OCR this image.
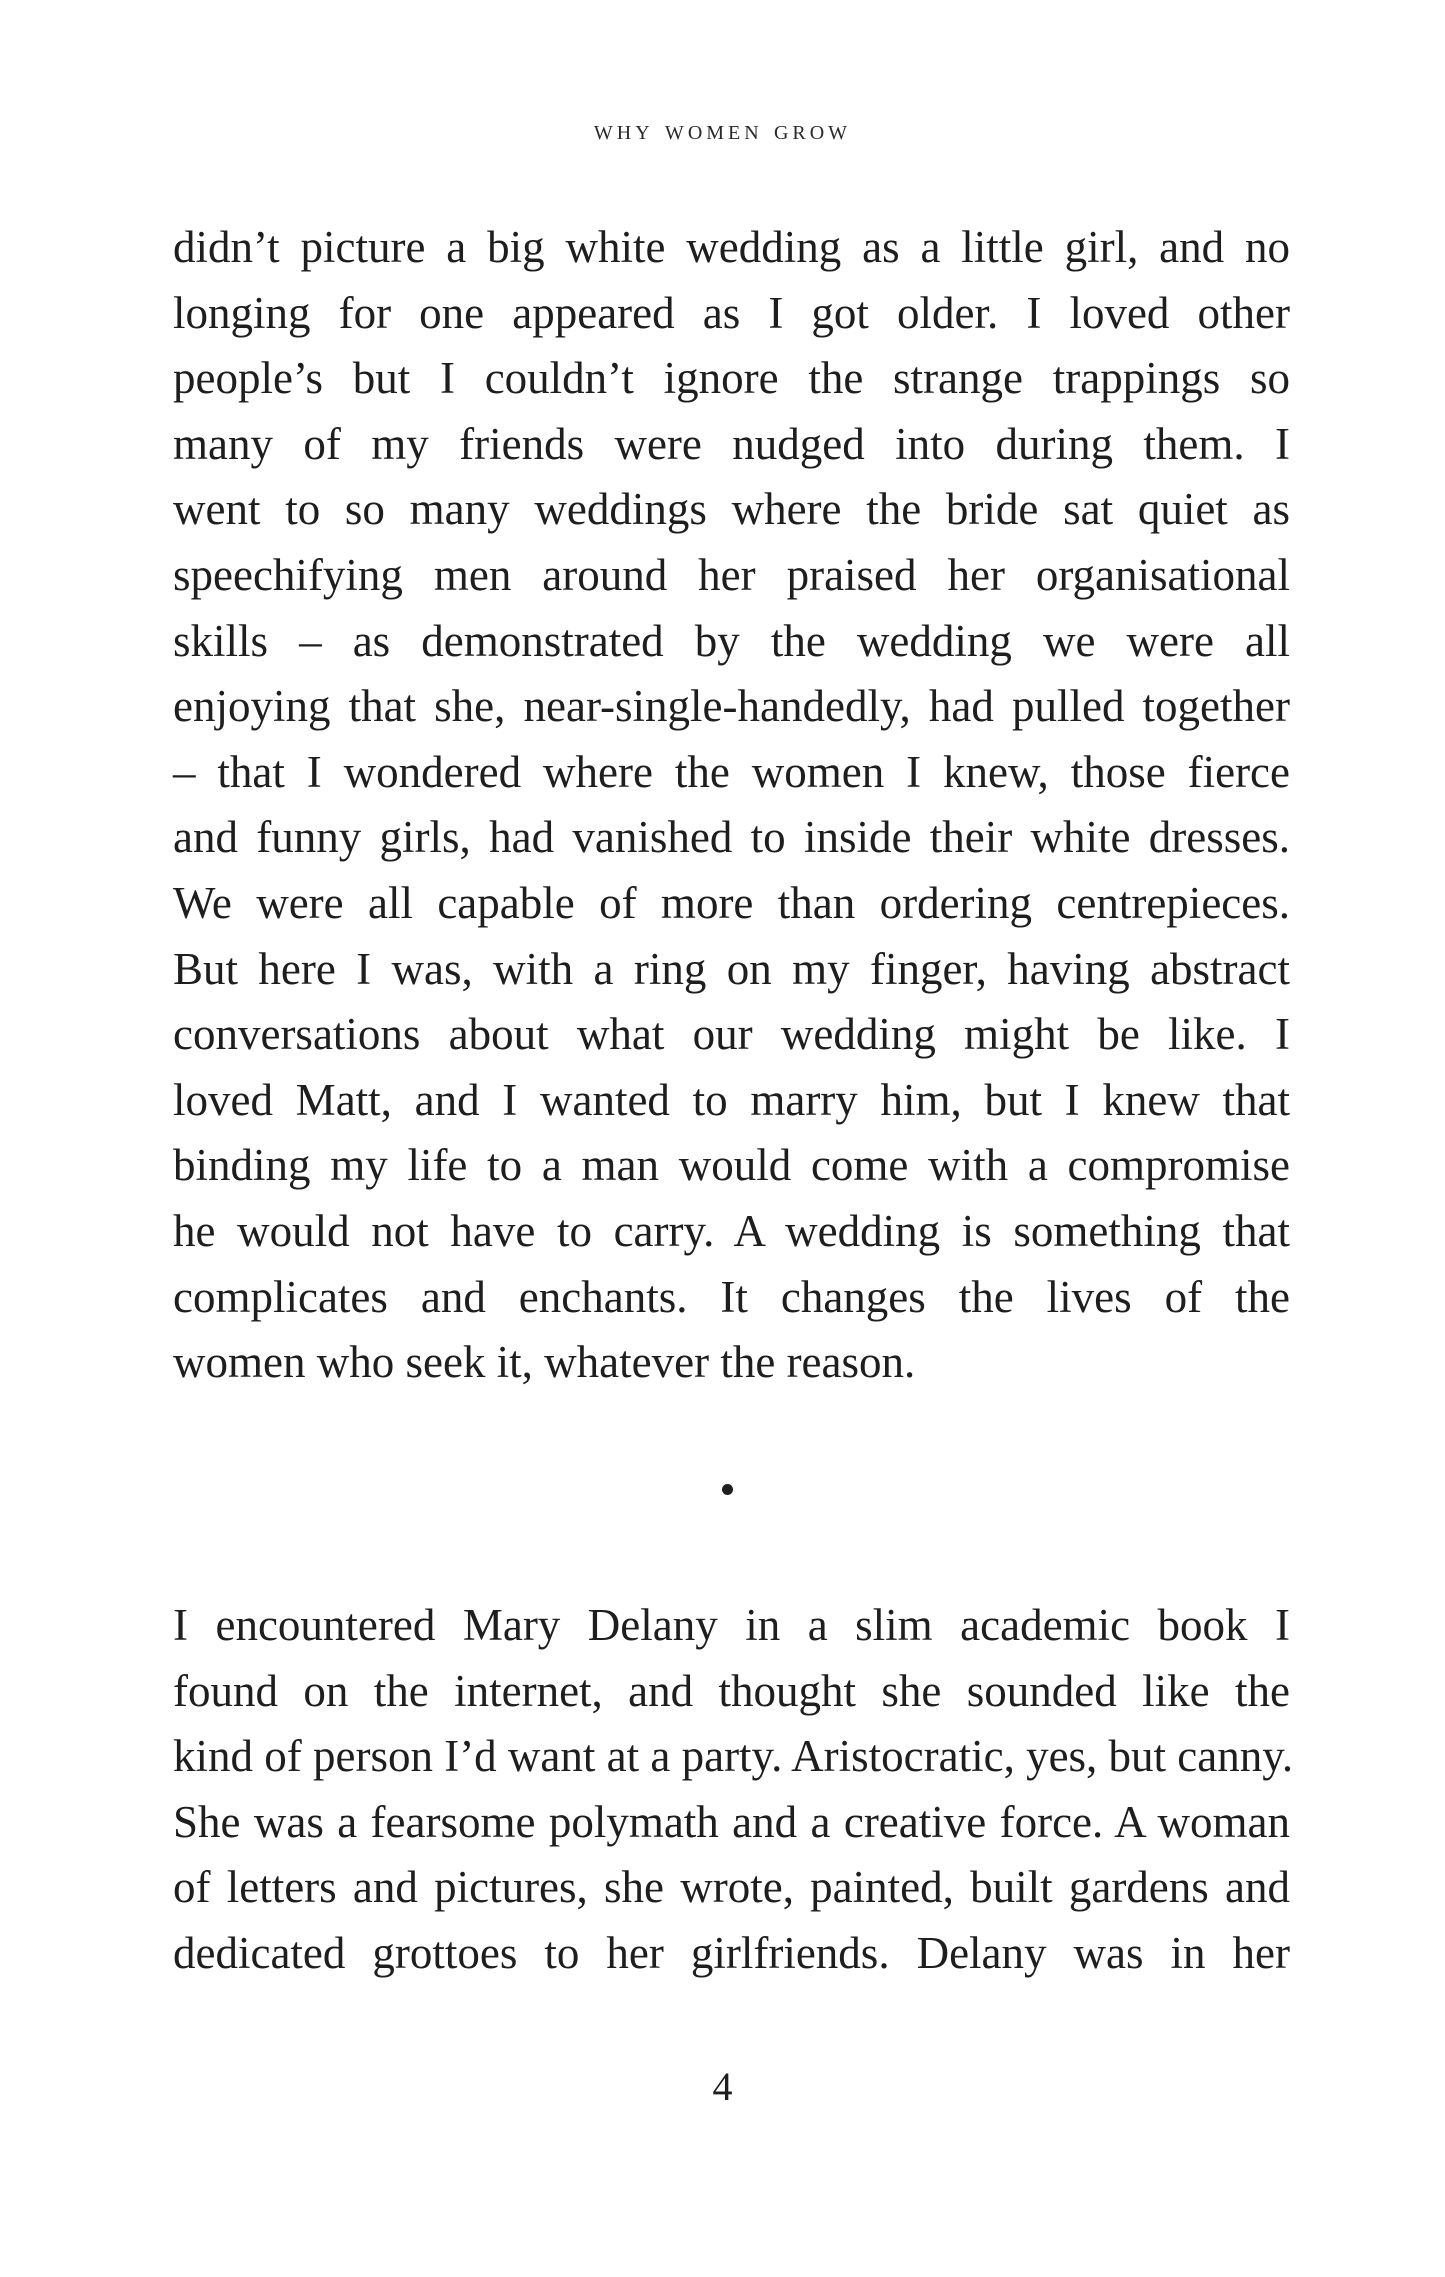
why women grow
didn’t picture a big white wedding as a little girl, and no
longing for one appeared as I got older. I loved other
people’s but I couldn’t ignore the strange trappings so
many of my friends were nudged into during them. I
went to so many weddings where the bride sat quiet as
speechifying men around her praised her organisational
skills – as demonstrated by the wedding we were all
enjoying that she, near-single-handedly, had pulled together
– that I wondered where the women I knew, those fierce
and funny girls, had vanished to inside their white dresses.
We were all capable of more than ordering centrepieces.
But here I was, with a ring on my finger, having abstract
conversations about what our wedding might be like. I
loved Matt, and I wanted to marry him, but I knew that
binding my life to a man would come with a compromise
he would not have to carry. A wedding is something that
complicates and enchants. It changes the lives of the
women who seek it, whatever the reason.
I encountered Mary Delany in a slim academic book I
found on the internet, and thought she sounded like the
kind of person I’d want at a party. Aristocratic, yes, but canny.
She was a fearsome polymath and a creative force. A woman
of letters and pictures, she wrote, painted, built gardens and
dedicated grottoes to her girlfriends. Delany was in her
4
